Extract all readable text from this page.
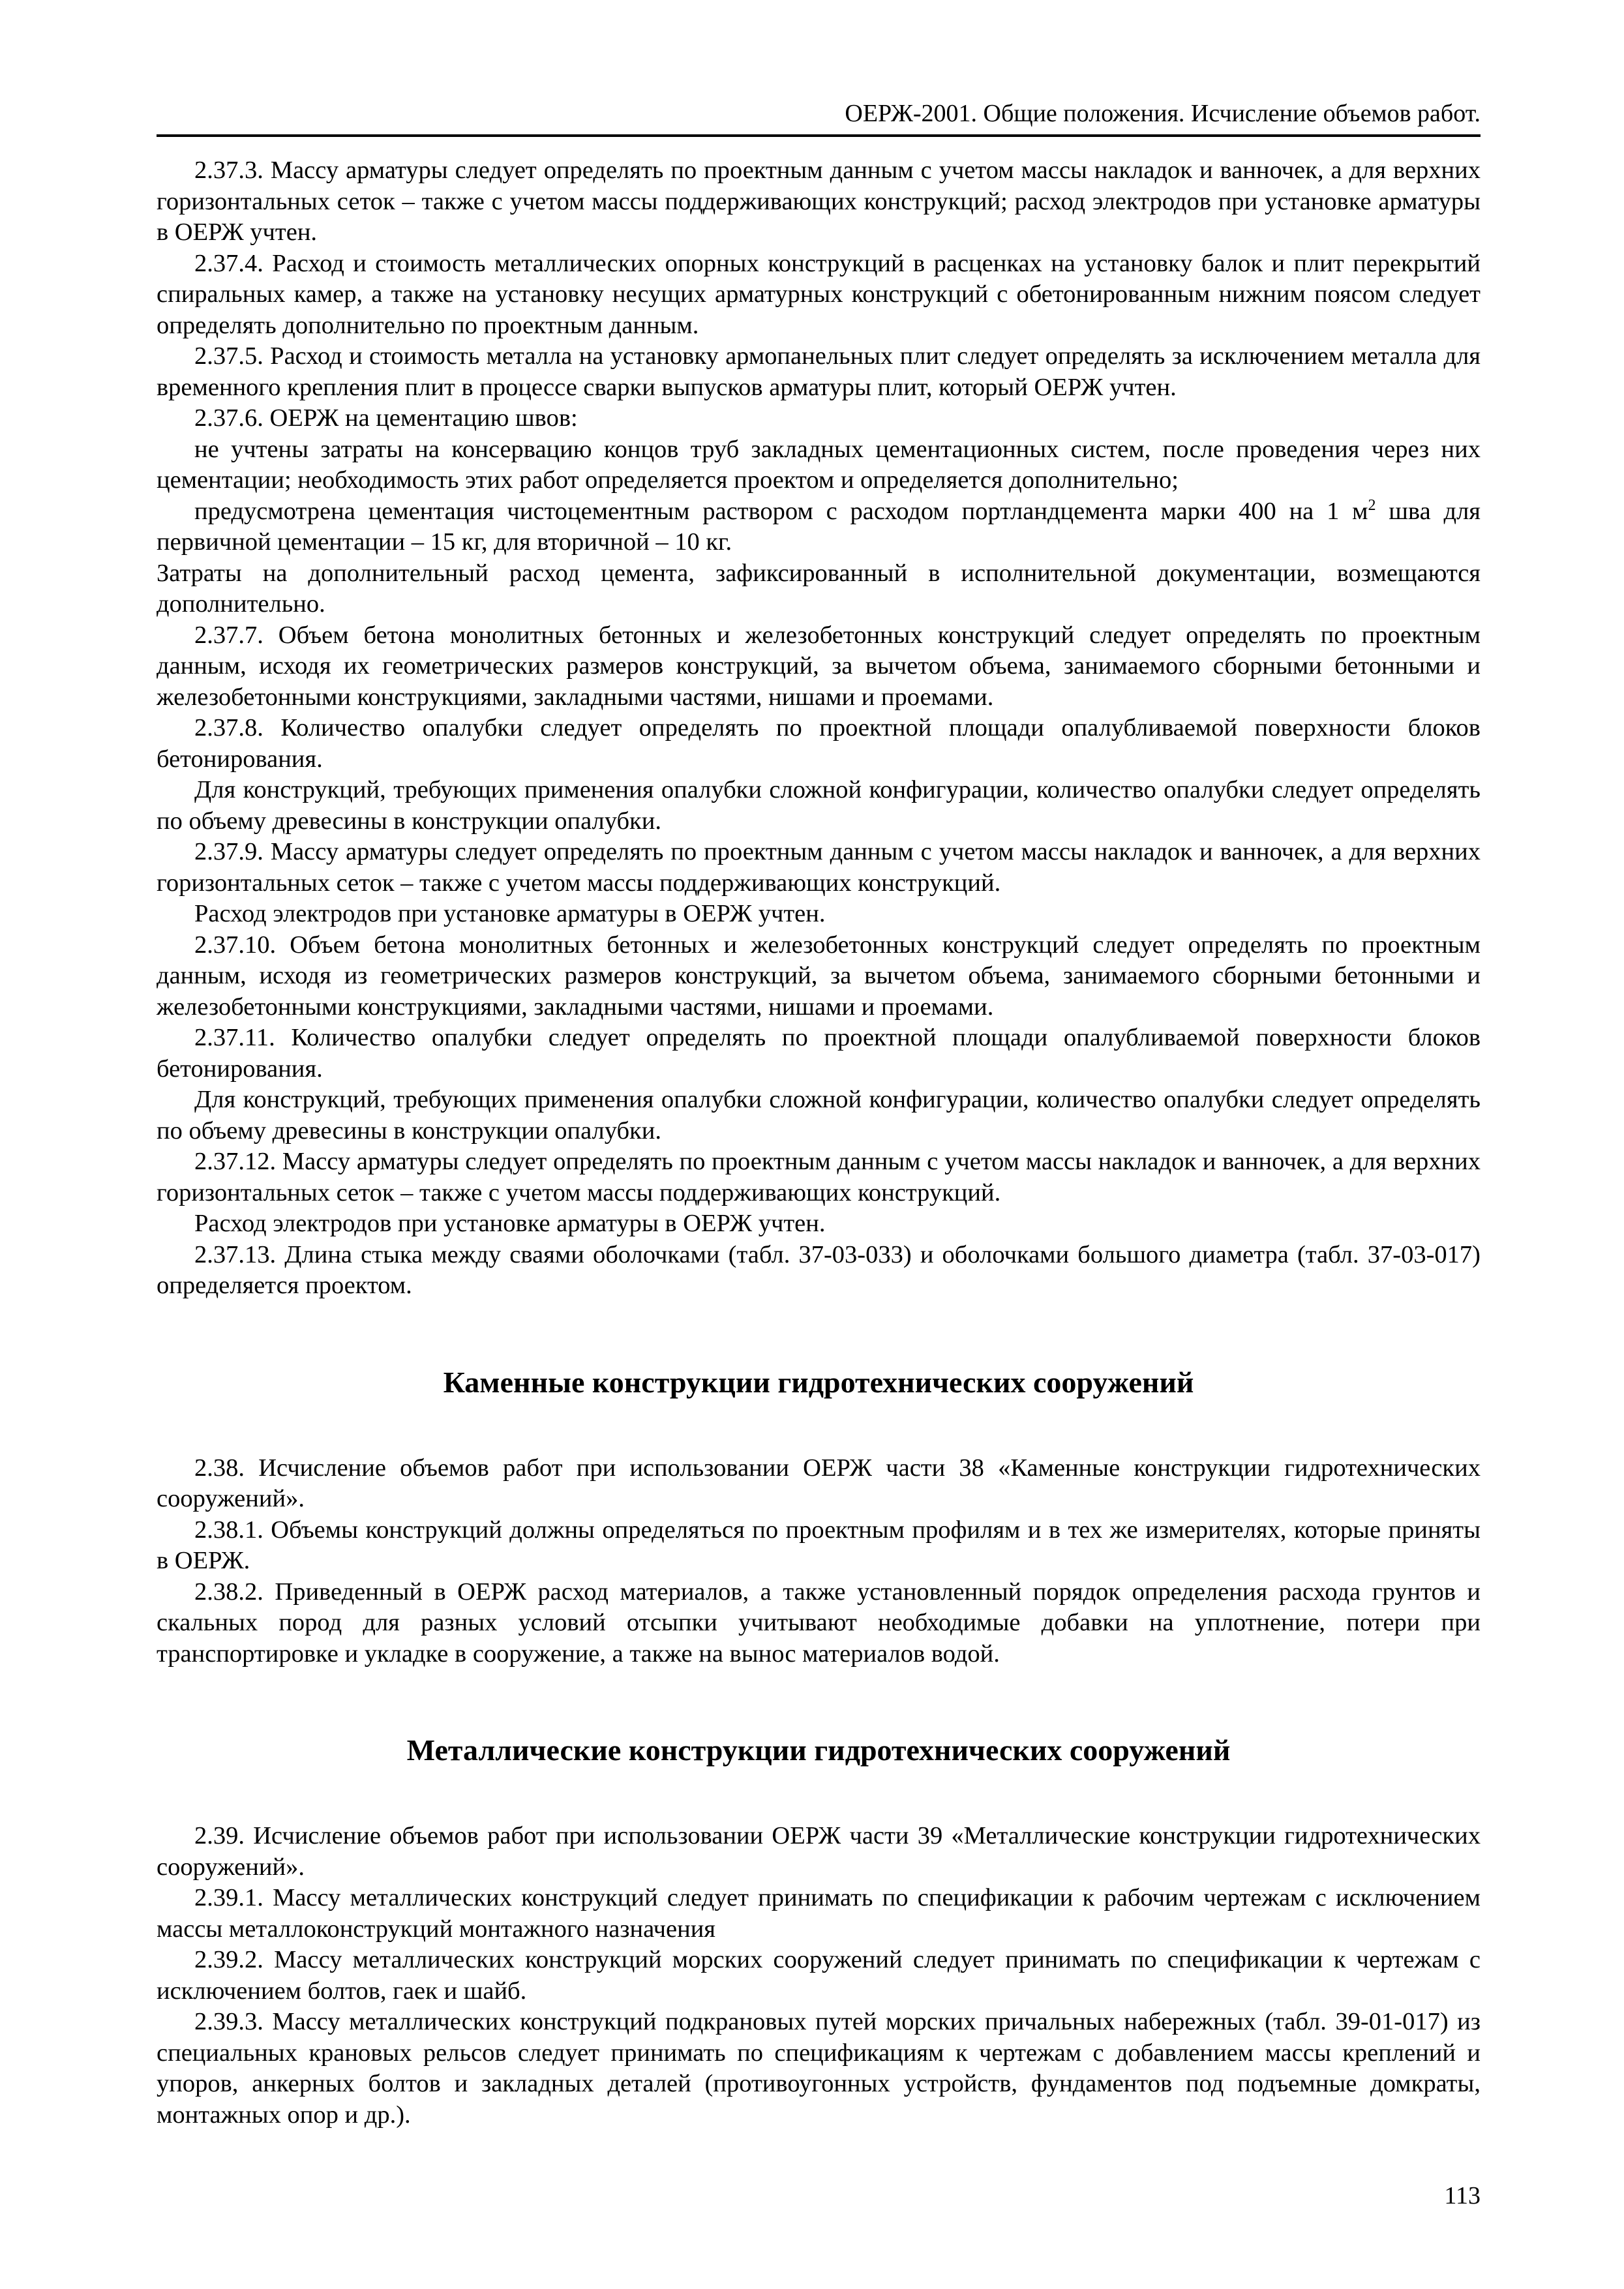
ОЕРЖ-2001. Общие положения. Исчисление объемов работ.

2.37.3. Массу арматуры следует определять по проектным данным с учетом массы накладок и ванночек, а для верхних горизонтальных сеток – также с учетом массы поддерживающих конструкций; расход электродов при установке арматуры в ОЕРЖ учтен.

2.37.4. Расход и стоимость металлических опорных конструкций в расценках на установку балок и плит перекрытий спиральных камер, а также на установку несущих арматурных конструкций с обетонированным нижним поясом следует определять дополнительно по проектным данным.

2.37.5. Расход и стоимость металла на установку армопанельных плит следует определять за исключением металла для временного крепления плит в процессе сварки выпусков арматуры плит, который ОЕРЖ учтен.

2.37.6. ОЕРЖ на цементацию швов:

не учтены затраты на консервацию концов труб закладных цементационных систем, после проведения через них цементации; необходимость этих работ определяется проектом и определяется дополнительно;

предусмотрена цементация чистоцементным раствором с расходом портландцемента марки 400 на 1 $м^2$ шва для первичной цементации – 15 кг, для вторичной – 10 кг.

Затраты на дополнительный расход цемента, зафиксированный в исполнительной документации, возмещаются дополнительно.

2.37.7. Объем бетона монолитных бетонных и железобетонных конструкций следует определять по проектным данным, исходя их геометрических размеров конструкций, за вычетом объема, занимаемого сборными бетонными и железобетонными конструкциями, закладными частями, нишами и проемами.

2.37.8. Количество опалубки следует определять по проектной площади опалубливаемой поверхности блоков бетонирования.

Для конструкций, требующих применения опалубки сложной конфигурации, количество опалубки следует определять по объему древесины в конструкции опалубки.

2.37.9. Массу арматуры следует определять по проектным данным с учетом массы накладок и ванночек, а для верхних горизонтальных сеток – также с учетом массы поддерживающих конструкций.

Расход электродов при установке арматуры в ОЕРЖ учтен.

2.37.10. Объем бетона монолитных бетонных и железобетонных конструкций следует определять по проектным данным, исходя из геометрических размеров конструкций, за вычетом объема, занимаемого сборными бетонными и железобетонными конструкциями, закладными частями, нишами и проемами.

2.37.11. Количество опалубки следует определять по проектной площади опалубливаемой поверхности блоков бетонирования.

Для конструкций, требующих применения опалубки сложной конфигурации, количество опалубки следует определять по объему древесины в конструкции опалубки.

2.37.12. Массу арматуры следует определять по проектным данным с учетом массы накладок и ванночек, а для верхних горизонтальных сеток – также с учетом массы поддерживающих конструкций.

Расход электродов при установке арматуры в ОЕРЖ учтен.

2.37.13. Длина стыка между сваями оболочками (табл. 37-03-033) и оболочками большого диаметра (табл. 37-03-017) определяется проектом.

Каменные конструкции гидротехнических сооружений

2.38. Исчисление объемов работ при использовании ОЕРЖ части 38 «Каменные конструкции гидротехнических сооружений».

2.38.1. Объемы конструкций должны определяться по проектным профилям и в тех же измерителях, которые приняты в ОЕРЖ.

2.38.2. Приведенный в ОЕРЖ расход материалов, а также установленный порядок определения расхода грунтов и скальных пород для разных условий отсыпки учитывают необходимые добавки на уплотнение, потери при транспортировке и укладке в сооружение, а также на вынос материалов водой.

Металлические конструкции гидротехнических сооружений

2.39. Исчисление объемов работ при использовании ОЕРЖ части 39 «Металлические конструкции гидротехнических сооружений».

2.39.1. Массу металлических конструкций следует принимать по спецификации к рабочим чертежам с исключением массы металлоконструкций монтажного назначения

2.39.2. Массу металлических конструкций морских сооружений следует принимать по спецификации к чертежам с исключением болтов, гаек и шайб.

2.39.3. Массу металлических конструкций подкрановых путей морских причальных набережных (табл. 39-01-017) из специальных крановых рельсов следует принимать по спецификациям к чертежам с добавлением массы креплений и упоров, анкерных болтов и закладных деталей (противоугонных устройств, фундаментов под подъемные домкраты, монтажных опор и др.).

113
